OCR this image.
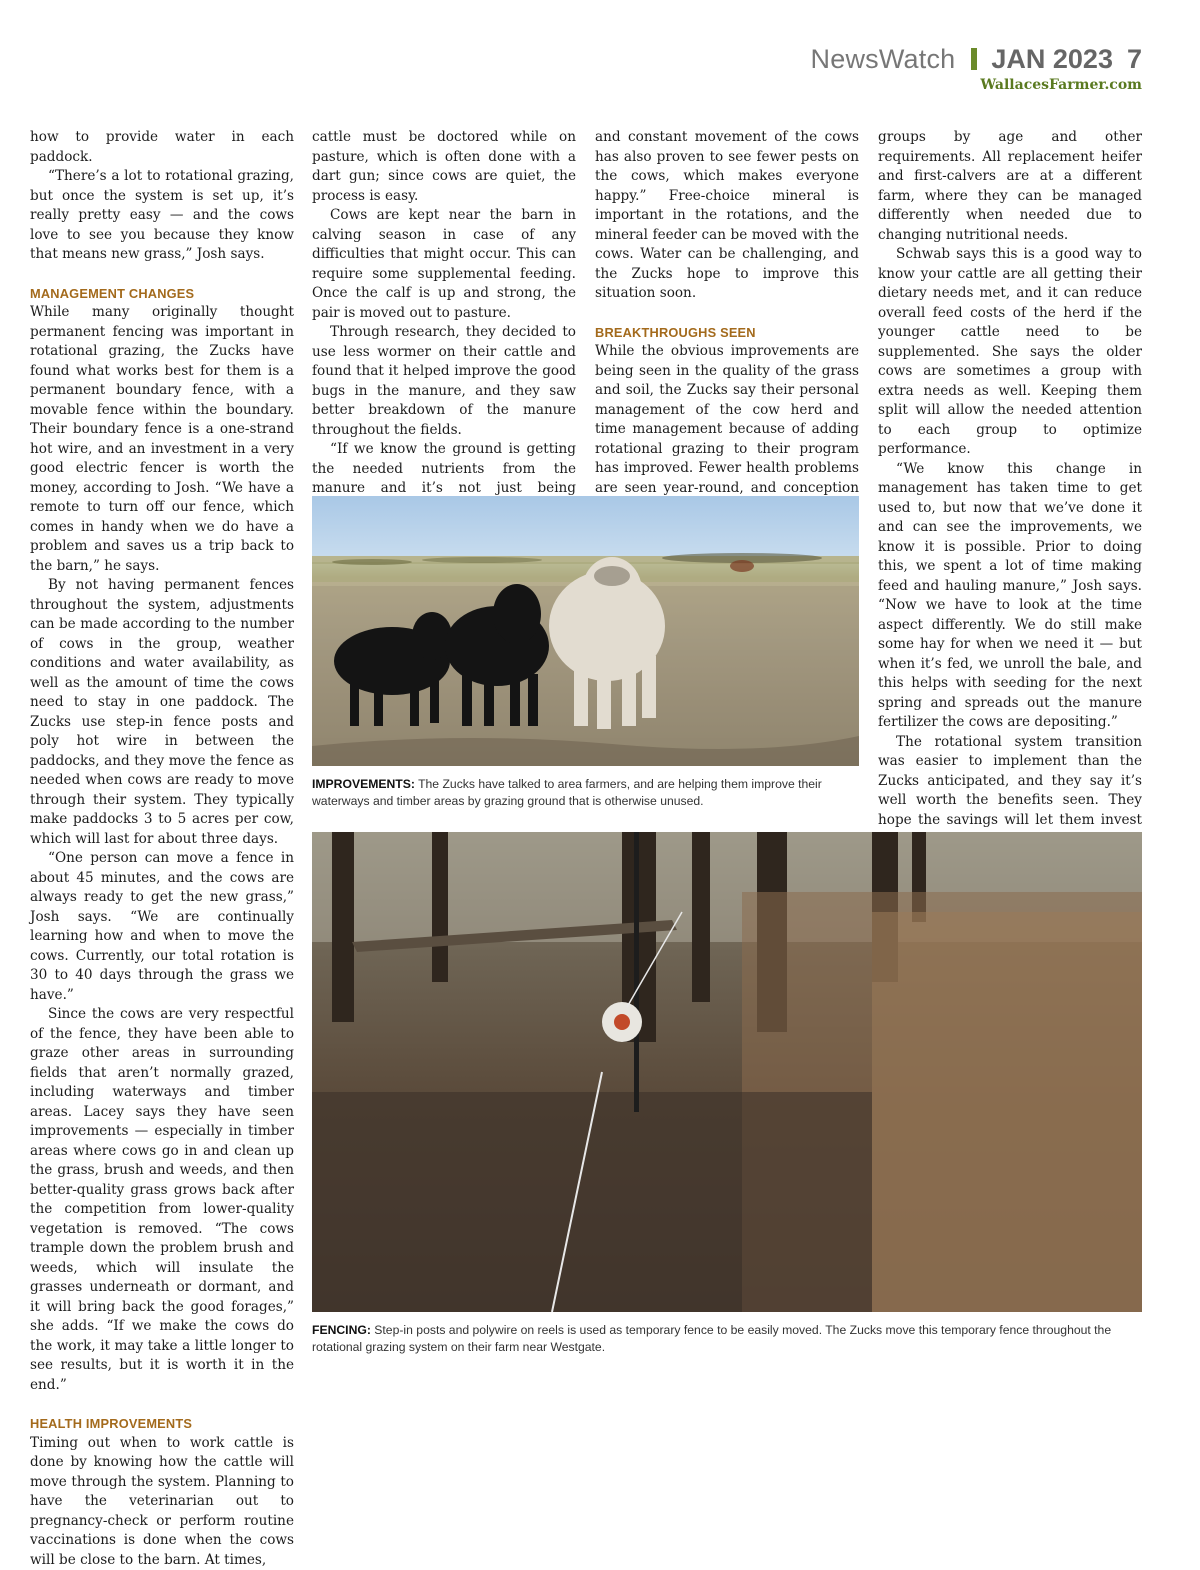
NewsWatch JAN 2023 7
WallacesFarmer.com

how to provide water in each paddock.

“There’s a lot to rotational grazing, but once the system is set up, it’s really pretty easy — and the cows love to see you because they know that means new grass,” Josh says.

MANAGEMENT CHANGES

While many originally thought permanent fencing was important in rotational grazing, the Zucks have found what works best for them is a permanent boundary fence, with a movable fence within the boundary. Their boundary fence is a one-strand hot wire, and an investment in a very good electric fencer is worth the money, according to Josh. “We have a remote to turn off our fence, which comes in handy when we do have a problem and saves us a trip back to the barn,” he says.

By not having permanent fences throughout the system, adjustments can be made according to the number of cows in the group, weather conditions and water availability, as well as the amount of time the cows need to stay in one paddock. The Zucks use step-in fence posts and poly hot wire in between the paddocks, and they move the fence as needed when cows are ready to move through their system. They typically make paddocks 3 to 5 acres per cow, which will last for about three days.

“One person can move a fence in about 45 minutes, and the cows are always ready to get the new grass,” Josh says. “We are continually learning how and when to move the cows. Currently, our total rotation is 30 to 40 days through the grass we have.”

Since the cows are very respectful of the fence, they have been able to graze other areas in surrounding fields that aren’t normally grazed, including waterways and timber areas. Lacey says they have seen improvements — especially in timber areas where cows go in and clean up the grass, brush and weeds, and then better-quality grass grows back after the competition from lower-quality vegetation is removed. “The cows trample down the problem brush and weeds, which will insulate the grasses underneath or dormant, and it will bring back the good forages,” she adds. “If we make the cows do the work, it may take a little longer to see results, but it is worth it in the end.”

HEALTH IMPROVEMENTS

Timing out when to work cattle is done by knowing how the cattle will move through the system. Planning to have the veterinarian out to pregnancy-check or perform routine vaccinations is done when the cows will be close to the barn. At times,

cattle must be doctored while on pasture, which is often done with a dart gun; since cows are quiet, the process is easy.

Cows are kept near the barn in calving season in case of any difficulties that might occur. This can require some supplemental feeding. Once the calf is up and strong, the pair is moved out to pasture.

Through research, they decided to use less wormer on their cattle and found that it helped improve the good bugs in the manure, and they saw better breakdown of the manure throughout the fields.

“If we know the ground is getting the needed nutrients from the manure and it’s not just being

and constant movement of the cows has also proven to see fewer pests on the cows, which makes everyone happy.” Free-choice mineral is important in the rotations, and the mineral feeder can be moved with the cows. Water can be challenging, and the Zucks hope to improve this situation soon.

BREAKTHROUGHS SEEN

While the obvious improvements are being seen in the quality of the grass and soil, the Zucks say their personal management of the cow herd and time management because of adding rotational grazing to their program has improved. Fewer health problems are seen year-round, and conception

groups by age and other requirements. All replacement heifer and first-calvers are at a different farm, where they can be managed differently when needed due to changing nutritional needs.

Schwab says this is a good way to know your cattle are all getting their dietary needs met, and it can reduce overall feed costs of the herd if the younger cattle need to be supplemented. She says the older cows are sometimes a group with extra needs as well. Keeping them split will allow the needed attention to each group to optimize performance.

“We know this change in management has taken time to get used to, but now that we’ve done it and can see the improvements, we know it is possible. Prior to doing this, we spent a lot of time making feed and hauling manure,” Josh says. “Now we have to look at the time aspect differently. We do still make some hay for when we need it — but when it’s fed, we unroll the bale, and this helps with seeding for the next spring and spreads out the manure fertilizer the cows are depositing.”

The rotational system transition was easier to implement than the Zucks anticipated, and they say it’s well worth the benefits seen. They hope the savings will let them invest

IMPROVEMENTS: The Zucks have talked to area farmers, and are helping them improve their waterways and timber areas by grazing ground that is otherwise unused.
FENCING: Step-in posts and polywire on reels is used as temporary fence to be easily moved. The Zucks move this temporary fence throughout the rotational grazing system on their farm near Westgate.
